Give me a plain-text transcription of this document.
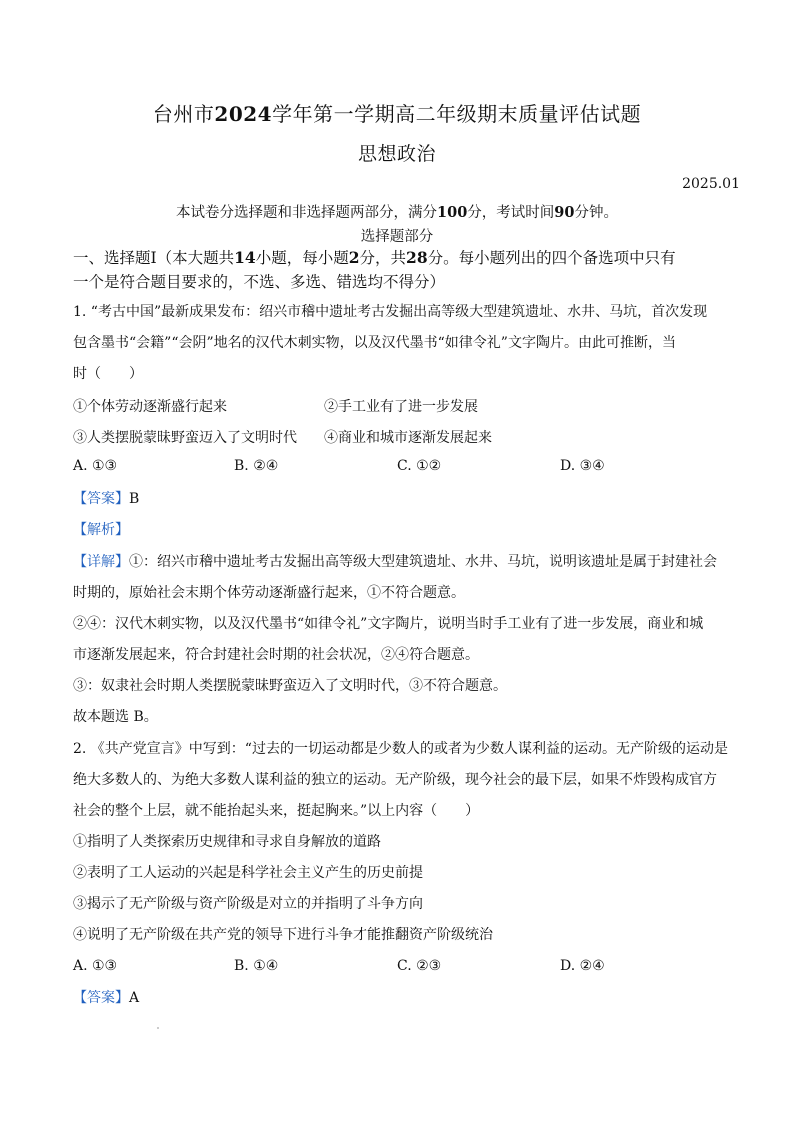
台州市2024学年第一学期高二年级期末质量评估试题
思想政治
2025.01
本试卷分选择题和非选择题两部分，满分100分，考试时间90分钟。
选择题部分
一、选择题Ⅰ（本大题共14小题，每小题2分，共28分。每小题列出的四个备选项中只有
一个是符合题目要求的，不选、多选、错选均不得分）
1. “考古中国”最新成果发布：绍兴市稽中遗址考古发掘出高等级大型建筑遗址、水井、马坑，首次发现
包含墨书“会籍”“会阴”地名的汉代木刺实物，以及汉代墨书“如律令礼”文字陶片。由此可推断，当
时（　　）
①个体劳动逐渐盛行起来	②手工业有了进一步发展
③人类摆脱蒙昧野蛮迈入了文明时代 ④商业和城市逐渐发展起来
A. ①③	B. ②④	C. ①②	D. ③④
【答案】B
【解析】
【详解】①：绍兴市稽中遗址考古发掘出高等级大型建筑遗址、水井、马坑，说明该遗址是属于封建社会
时期的，原始社会末期个体劳动逐渐盛行起来，①不符合题意。
②④：汉代木刺实物，以及汉代墨书“如律令礼”文字陶片，说明当时手工业有了进一步发展，商业和城
市逐渐发展起来，符合封建社会时期的社会状况，②④符合题意。
③：奴隶社会时期人类摆脱蒙昧野蛮迈入了文明时代，③不符合题意。
故本题选 B。
2. 《共产党宣言》中写到：“过去的一切运动都是少数人的或者为少数人谋利益的运动。无产阶级的运动是
绝大多数人的、为绝大多数人谋利益的独立的运动。无产阶级，现今社会的最下层，如果不炸毁构成官方
社会的整个上层，就不能抬起头来，挺起胸来。”以上内容（　　）
①指明了人类探索历史规律和寻求自身解放的道路
②表明了工人运动的兴起是科学社会主义产生的历史前提
③揭示了无产阶级与资产阶级是对立的并指明了斗争方向
④说明了无产阶级在共产党的领导下进行斗争才能推翻资产阶级统治
A. ①③	B. ①④	C. ②③	D. ②④
【答案】A
